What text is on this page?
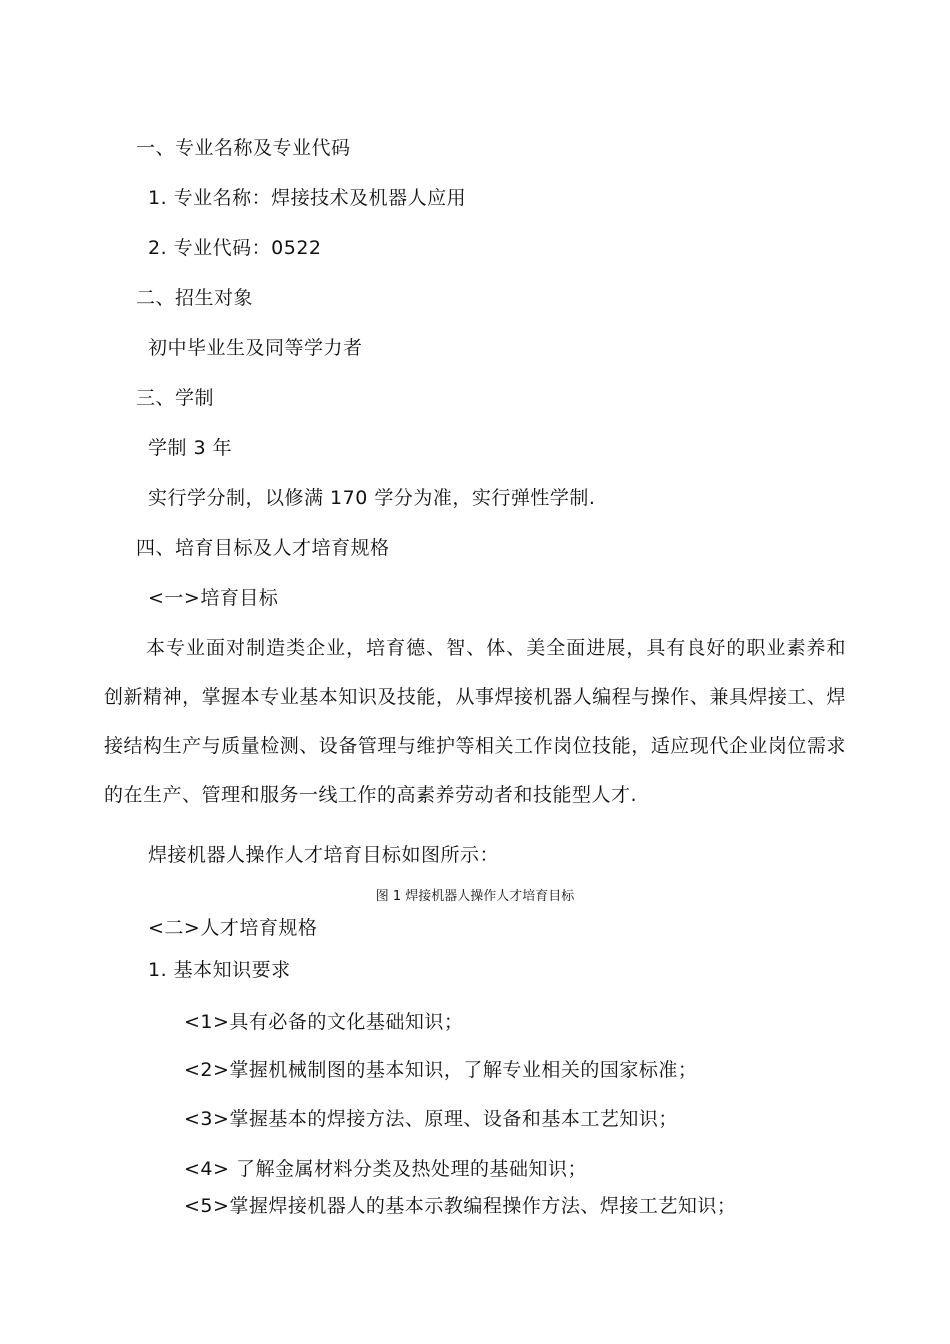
一、专业名称及专业代码
1. 专业名称：焊接技术及机器人应用
2. 专业代码：0522
二、招生对象
初中毕业生及同等学力者
三、学制
学制 3 年
实行学分制，以修满 170 学分为准，实行弹性学制.
四、培育目标及人才培育规格
<一>培育目标
本专业面对制造类企业，培育德、智、体、美全面进展，具有良好的职业素养和创新精神，掌握本专业基本知识及技能，从事焊接机器人编程与操作、兼具焊接工、焊接结构生产与质量检测、设备管理与维护等相关工作岗位技能，适应现代企业岗位需求的在生产、管理和服务一线工作的高素养劳动者和技能型人才.
焊接机器人操作人才培育目标如图所示：
图 1 焊接机器人操作人才培育目标
<二>人才培育规格
1. 基本知识要求
<1>具有必备的文化基础知识；
<2>掌握机械制图的基本知识，了解专业相关的国家标准；
<3>掌握基本的焊接方法、原理、设备和基本工艺知识；
<4> 了解金属材料分类及热处理的基础知识；
<5>掌握焊接机器人的基本示教编程操作方法、焊接工艺知识；
